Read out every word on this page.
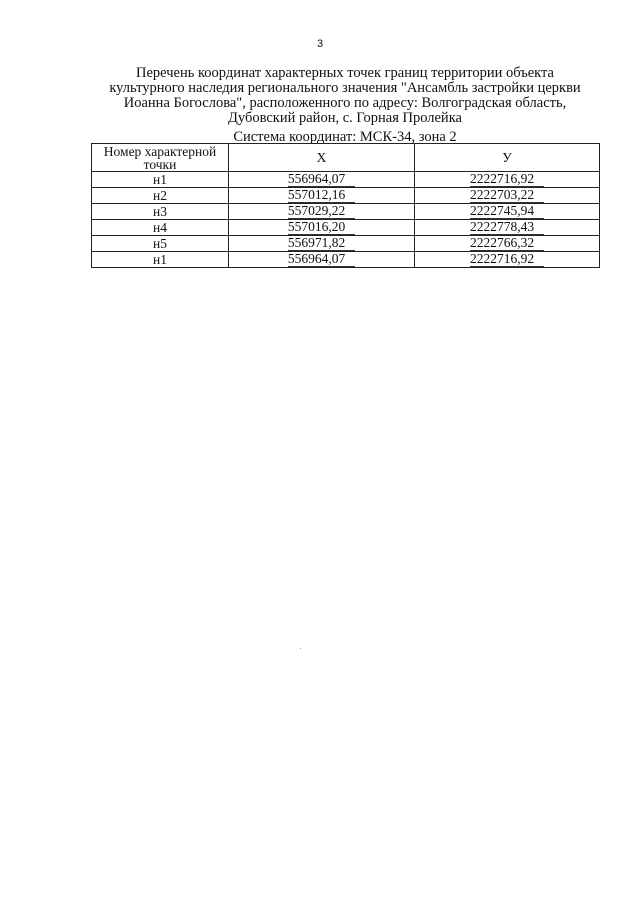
3
Перечень координат характерных точек границ территории объекта
культурного наследия регионального значения "Ансамбль застройки церкви
Иоанна Богослова", расположенного по адресу: Волгоградская область,
Дубовский район, с. Горная Пролейка
Система координат: МСК-34, зона 2
Номер характерной точки	X	У
н1	556964,07	2222716,92
н2	557012,16	2222703,22
н3	557029,22	2222745,94
н4	557016,20	2222778,43
н5	556971,82	2222766,32
н1	556964,07	2222716,92
